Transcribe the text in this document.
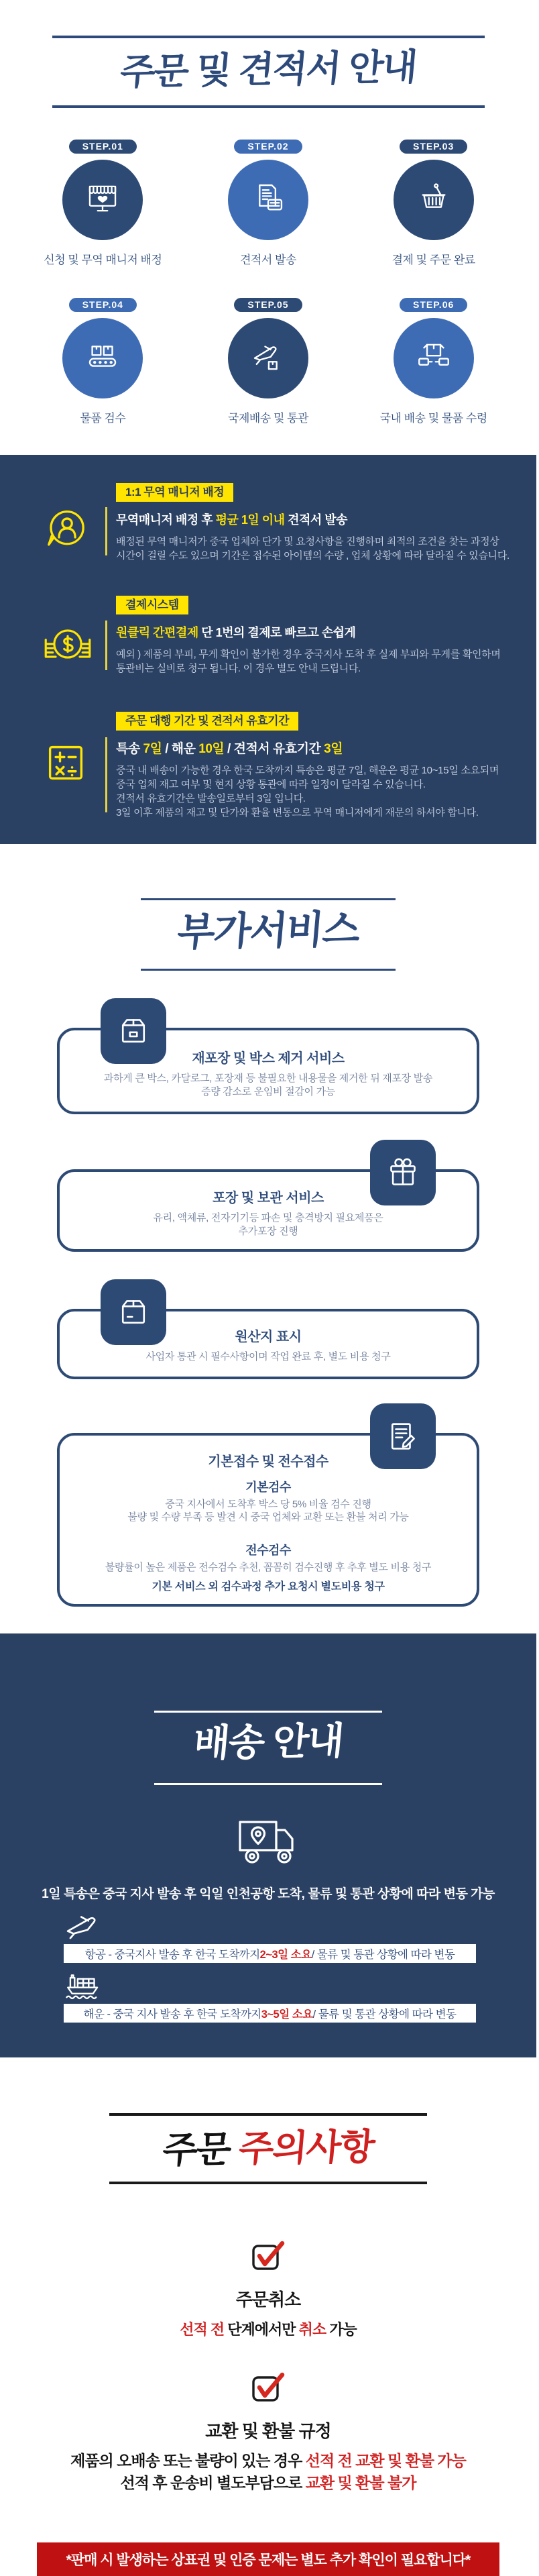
주문 및 견적서 안내
STEP.01
신청 및 무역 매니저 배정
STEP.02
견적서 발송
STEP.03
결제 및 주문 완료
STEP.04
물품 검수
STEP.05
국제배송 및 통관
STEP.06
국내 배송 및 물품 수령
1:1 무역 매니저 배정
무역매니저 배정 후 평균 1일 이내 견적서 발송
배정된 무역 매니저가 중국 업체와 단가 및 요청사항을 진행하며 최적의 조건을 찾는 과정상
시간이 걸릴 수도 있으며 기간은 접수된 아이템의 수량 , 업체 상황에 따라 달라질 수 있습니다.
결제시스템
원클릭 간편결제 단 1번의 결제로 빠르고 손쉽게
예외 ) 제품의 부피, 무게 확인이 불가한 경우 중국지사 도착 후 실제 부피와 무게를 확인하며
통관비는 실비로 청구 됩니다. 이 경우 별도 안내 드립니다.
주문 대행 기간 및 견적서 유효기간
특송 7일 / 해운 10일 / 견적서 유효기간 3일
중국 내 배송이 가능한 경우 한국 도착까지 특송은 평균 7일, 해운은 평균 10~15일 소요되며
중국 업체 재고 여부 및 현지 상황 통관에 따라 일정이 달라질 수 있습니다.
견적서 유효기간은 발송일로부터 3일 입니다.
3일 이후 제품의 재고 및 단가와 환율 변동으로 무역 매니저에게 재문의 하셔야 합니다.
부가서비스
재포장 및 박스 제거 서비스
과하게 큰 박스, 카달로그, 포장재 등 불필요한 내용물을 제거한 뒤 재포장 발송
증량 감소로 운임비 절감이 가능
포장 및 보관 서비스
유리, 액체류, 전자기기등 파손 및 충격방지 필요제품은
추가포장 진행
원산지 표시
사업자 통관 시 필수사항이며 작업 완료 후, 별도 비용 청구
기본접수 및 전수접수
기본검수
중국 지사에서 도착후 박스 당 5% 비율 검수 진행
불량 및 수량 부족 등 발견 시 중국 업체와 교환 또는 환불 처리 가능
전수검수
불량률이 높은 제품은 전수검수 추천, 꼼꼼히 검수진행 후 추후 별도 비용 청구
기본 서비스 외 검수과정 추가 요청시 별도비용 청구
배송 안내
1일 특송은 중국 지사 발송 후 익일 인천공항 도착, 물류 및 통관 상황에 따라 변동 가능
항공 - 중국지사 발송 후 한국 도착까지 2~3일 소요 / 물류 및 통관 상황에 따라 변동
해운 - 중국 지사 발송 후 한국 도착까지 3~5일 소요 / 물류 및 통관 상황에 따라 변동
주문 주의사항
주문취소
선적 전 단계에서만 취소 가능
교환 및 환불 규정
제품의 오배송 또는 불량이 있는 경우 선적 전 교환 및 환불 가능
선적 후 운송비 별도부담으로 교환 및 환불 불가
*판매 시 발생하는 상표권 및 인증 문제는 별도 추가 확인이 필요합니다*
